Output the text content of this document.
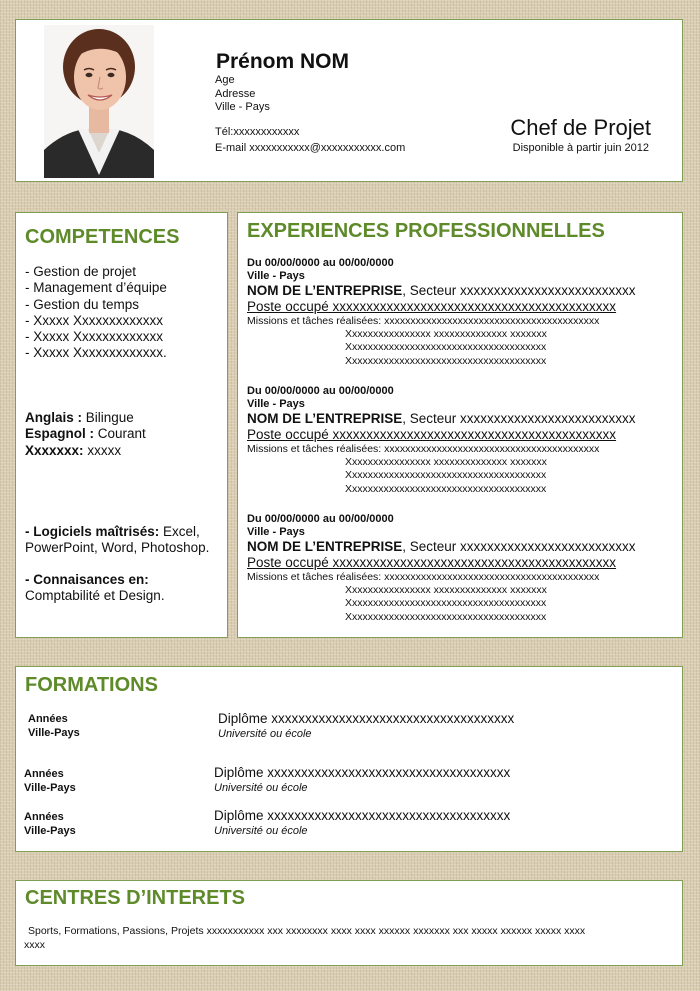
Prénom NOM
Age
Adresse
Ville - Pays
Tél:xxxxxxxxxxxx
E-mail xxxxxxxxxxx@xxxxxxxxxxx.com
Chef de Projet
Disponible à partir juin 2012
COMPETENCES
- Gestion de projet
- Management d’équipe
- Gestion du temps
- Xxxxx Xxxxxxxxxxxxx
- Xxxxx Xxxxxxxxxxxxx
- Xxxxx Xxxxxxxxxxxxx.
Anglais : Bilingue
Espagnol : Courant
Xxxxxxx: xxxxx
- Logiciels maîtrisés: Excel,
PowerPoint, Word, Photoshop.
- Connaisances en:
Comptabilité et Design.
EXPERIENCES PROFESSIONNELLES
Du 00/00/0000 au 00/00/0000
Ville - Pays
NOM DE L’ENTREPRISE, Secteur xxxxxxxxxxxxxxxxxxxxxxxxxx
Poste occupé xxxxxxxxxxxxxxxxxxxxxxxxxxxxxxxxxxxxxxxxxx
Missions et tâches réalisées: xxxxxxxxxxxxxxxxxxxxxxxxxxxxxxxxxxxxxxxxx
Xxxxxxxxxxxxxxxx xxxxxxxxxxxxxx xxxxxxx
Xxxxxxxxxxxxxxxxxxxxxxxxxxxxxxxxxxxxxx
Xxxxxxxxxxxxxxxxxxxxxxxxxxxxxxxxxxxxxx
Du 00/00/0000 au 00/00/0000
Ville - Pays
NOM DE L’ENTREPRISE, Secteur xxxxxxxxxxxxxxxxxxxxxxxxxx
Poste occupé xxxxxxxxxxxxxxxxxxxxxxxxxxxxxxxxxxxxxxxxxx
Missions et tâches réalisées: xxxxxxxxxxxxxxxxxxxxxxxxxxxxxxxxxxxxxxxxx
Xxxxxxxxxxxxxxxx xxxxxxxxxxxxxx xxxxxxx
Xxxxxxxxxxxxxxxxxxxxxxxxxxxxxxxxxxxxxx
Xxxxxxxxxxxxxxxxxxxxxxxxxxxxxxxxxxxxxx
Du 00/00/0000 au 00/00/0000
Ville - Pays
NOM DE L’ENTREPRISE, Secteur xxxxxxxxxxxxxxxxxxxxxxxxxx
Poste occupé xxxxxxxxxxxxxxxxxxxxxxxxxxxxxxxxxxxxxxxxxx
Missions et tâches réalisées: xxxxxxxxxxxxxxxxxxxxxxxxxxxxxxxxxxxxxxxxx
Xxxxxxxxxxxxxxxx xxxxxxxxxxxxxx xxxxxxx
Xxxxxxxxxxxxxxxxxxxxxxxxxxxxxxxxxxxxxx
Xxxxxxxxxxxxxxxxxxxxxxxxxxxxxxxxxxxxxx
FORMATIONS
Années
Ville-Pays
Diplôme xxxxxxxxxxxxxxxxxxxxxxxxxxxxxxxxxxxx
Université ou école
Années
Ville-Pays
Diplôme xxxxxxxxxxxxxxxxxxxxxxxxxxxxxxxxxxxx
Université ou école
Années
Ville-Pays
Diplôme xxxxxxxxxxxxxxxxxxxxxxxxxxxxxxxxxxxx
Université ou école
CENTRES D’INTERETS
Sports, Formations, Passions, Projets xxxxxxxxxxx xxx xxxxxxxx xxxx xxxx xxxxxx xxxxxxx xxx xxxxx xxxxxx xxxxx xxxx
xxxx
